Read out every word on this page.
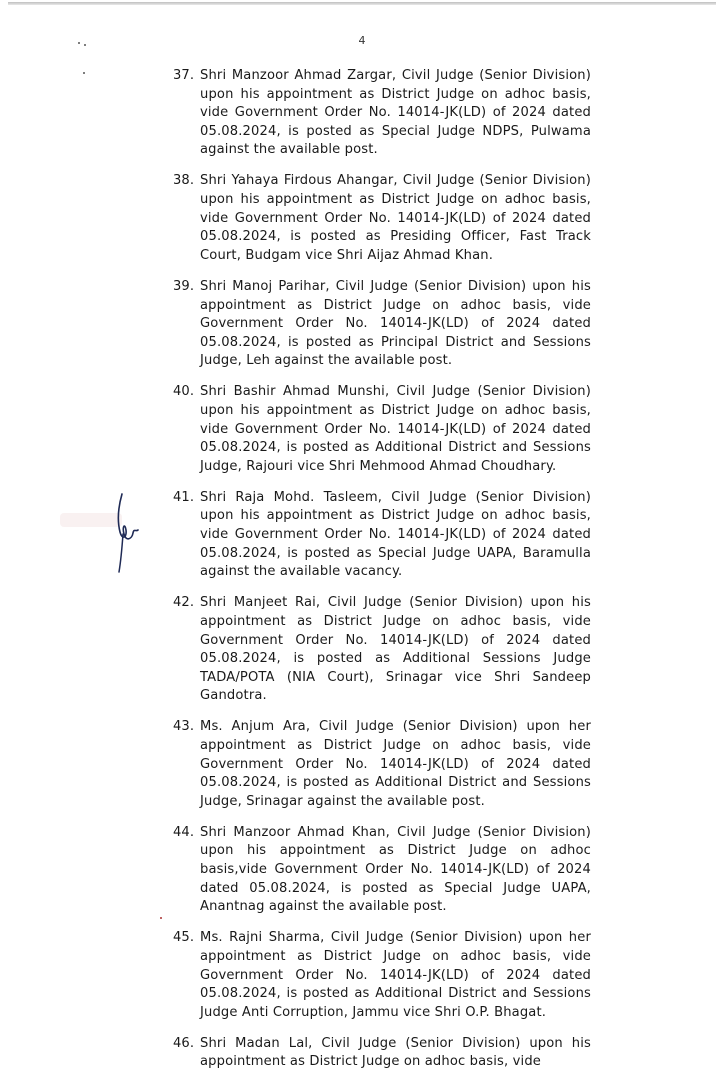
4
37. Shri Manzoor Ahmad Zargar, Civil Judge (Senior Division) upon his appointment as District Judge on adhoc basis, vide Government Order No. 14014-JK(LD) of 2024 dated 05.08.2024, is posted as Special Judge NDPS, Pulwama against the available post.
38. Shri Yahaya Firdous Ahangar, Civil Judge (Senior Division) upon his appointment as District Judge on adhoc basis, vide Government Order No. 14014-JK(LD) of 2024 dated 05.08.2024, is posted as Presiding Officer, Fast Track Court, Budgam vice Shri Aijaz Ahmad Khan.
39. Shri Manoj Parihar, Civil Judge (Senior Division) upon his appointment as District Judge on adhoc basis, vide Government Order No. 14014-JK(LD) of 2024 dated 05.08.2024, is posted as Principal District and Sessions Judge, Leh against the available post.
40. Shri Bashir Ahmad Munshi, Civil Judge (Senior Division) upon his appointment as District Judge on adhoc basis, vide Government Order No. 14014-JK(LD) of 2024 dated 05.08.2024, is posted as Additional District and Sessions Judge, Rajouri vice Shri Mehmood Ahmad Choudhary.
41. Shri Raja Mohd. Tasleem, Civil Judge (Senior Division) upon his appointment as District Judge on adhoc basis, vide Government Order No. 14014-JK(LD) of 2024 dated 05.08.2024, is posted as Special Judge UAPA, Baramulla against the available vacancy.
42. Shri Manjeet Rai, Civil Judge (Senior Division) upon his appointment as District Judge on adhoc basis, vide Government Order No. 14014-JK(LD) of 2024 dated 05.08.2024, is posted as Additional Sessions Judge TADA/POTA (NIA Court), Srinagar vice Shri Sandeep Gandotra.
43. Ms. Anjum Ara, Civil Judge (Senior Division) upon her appointment as District Judge on adhoc basis, vide Government Order No. 14014-JK(LD) of 2024 dated 05.08.2024, is posted as Additional District and Sessions Judge, Srinagar against the available post.
44. Shri Manzoor Ahmad Khan, Civil Judge (Senior Division) upon his appointment as District Judge on adhoc basis,vide Government Order No. 14014-JK(LD) of 2024 dated 05.08.2024, is posted as Special Judge UAPA, Anantnag against the available post.
45. Ms. Rajni Sharma, Civil Judge (Senior Division) upon her appointment as District Judge on adhoc basis, vide Government Order No. 14014-JK(LD) of 2024 dated 05.08.2024, is posted as Additional District and Sessions Judge Anti Corruption, Jammu vice Shri O.P. Bhagat.
46. Shri Madan Lal, Civil Judge (Senior Division) upon his appointment as District Judge on adhoc basis, vide
